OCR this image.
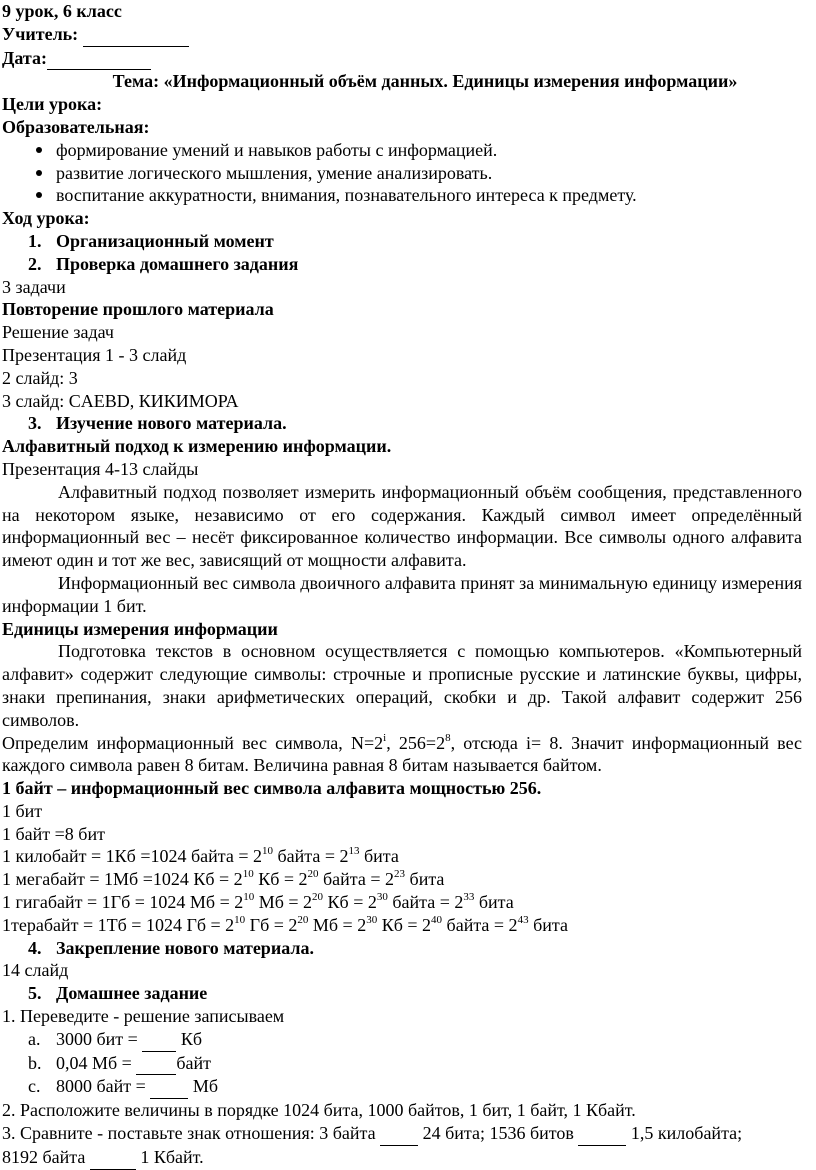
9 урок, 6 класс
Учитель:
Дата:
Тема: «Информационный объём данных. Единицы измерения информации»
Цели урока:
Образовательная:
формирование умений и навыков работы с информацией.
развитие логического мышления, умение анализировать.
воспитание аккуратности, внимания, познавательного интереса к предмету.
Ход урока:
1. Организационный момент
2. Проверка домашнего задания
3 задачи
Повторение прошлого материала
Решение задач
Презентация 1 - 3 слайд
2 слайд: 3
3 слайд: CAEBD, КИКИМОРА
3. Изучение нового материала.
Алфавитный подход к измерению информации.
Презентация 4-13 слайды

Алфавитный подход позволяет измерить информационный объём сообщения, представленного на некотором языке, независимо от его содержания. Каждый символ имеет определённый информационный вес – несёт фиксированное количество информации. Все символы одного алфавита имеют один и тот же вес, зависящий от мощности алфавита.

Информационный вес символа двоичного алфавита принят за минимальную единицу измерения информации 1 бит.

Единицы измерения информации

Подготовка текстов в основном осуществляется с помощью компьютеров. «Компьютерный алфавит» содержит следующие символы: строчные и прописные русские и латинские буквы, цифры, знаки препинания, знаки арифметических операций, скобки и др. Такой алфавит содержит 256 символов.

Определим информационный вес символа, $N=2^i$, $256=2^8$, отсюда i= 8. Значит информационный вес каждого символа равен 8 битам. Величина равная 8 битам называется байтом.

1 байт – информационный вес символа алфавита мощностью 256.
1 бит
1 байт =8 бит
1 килобайт = 1Кб =1024 байта = $2^{10}$ байта = $2^{13}$ бита
1 мегабайт = 1Мб =1024 Кб = $2^{10}$ Кб = $2^{20}$ байта = $2^{23}$ бита
1 гигабайт = 1Гб = 1024 Мб = $2^{10}$ Мб = $2^{20}$ Кб = $2^{30}$ байта = $2^{33}$ бита
1терабайт = 1Тб = 1024 Гб = $2^{10}$ Гб = $2^{20}$ Мб = $2^{30}$ Кб = $2^{40}$ байта = $2^{43}$ бита
4. Закрепление нового материала.
14 слайд
5. Домашнее задание
1. Переведите - решение записываем
a. 3000 бит =   Кб
b. 0,04 Мб =  байт
c. 8000 байт =   Мб
2. Расположите величины в порядке 1024 бита, 1000 байтов, 1 бит, 1 байт, 1 Кбайт.
3. Сравните - поставьте знак отношения: 3 байта   24 бита; 1536 битов	1,5 килобайта;
8192 байта	1 Кбайт.
